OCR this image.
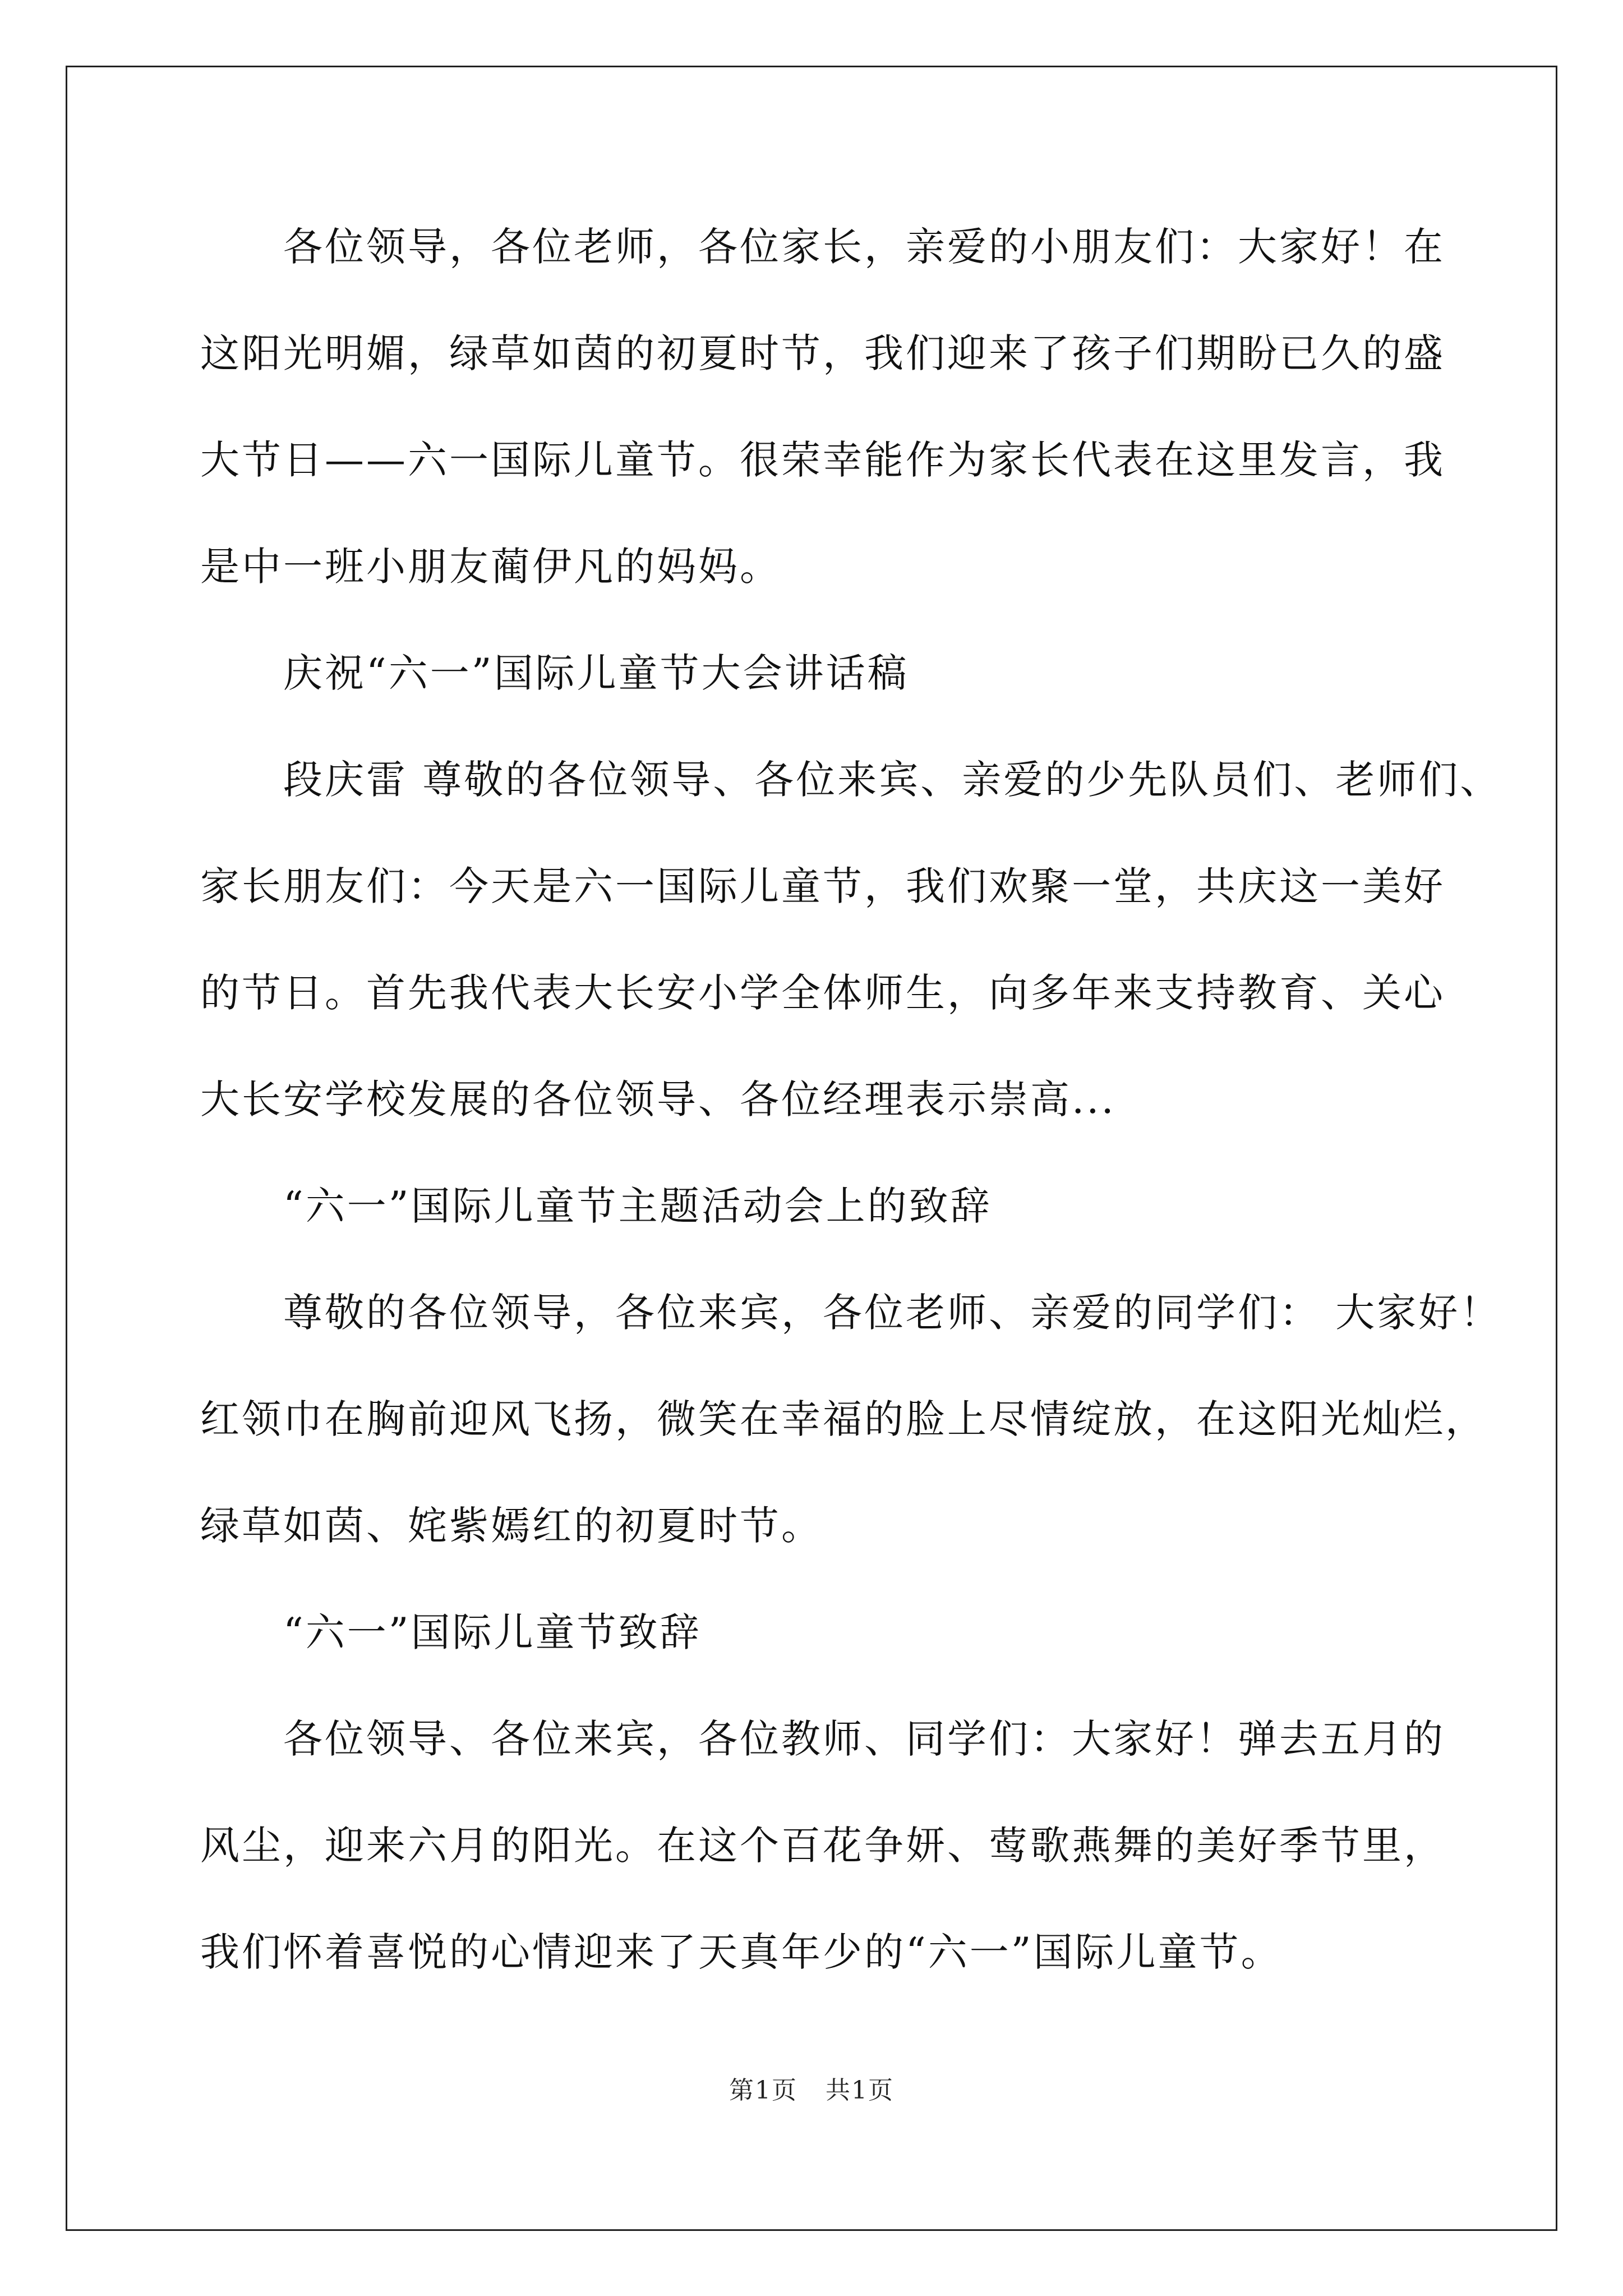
　　各位领导，各位老师，各位家长，亲爱的小朋友们：大家好！在
这阳光明媚，绿草如茵的初夏时节，我们迎来了孩子们期盼已久的盛
大节日——六一国际儿童节。很荣幸能作为家长代表在这里发言，我
是中一班小朋友蔺伊凡的妈妈。
　　庆祝“六一”国际儿童节大会讲话稿
　　段庆雷 尊敬的各位领导、各位来宾、亲爱的少先队员们、老师们、
家长朋友们：今天是六一国际儿童节，我们欢聚一堂，共庆这一美好
的节日。首先我代表大长安小学全体师生，向多年来支持教育、关心
大长安学校发展的各位领导、各位经理表示崇高...
　　“六一”国际儿童节主题活动会上的致辞
　　尊敬的各位领导，各位来宾，各位老师、亲爱的同学们： 大家好！
红领巾在胸前迎风飞扬，微笑在幸福的脸上尽情绽放，在这阳光灿烂，
绿草如茵、姹紫嫣红的初夏时节。
　　“六一”国际儿童节致辞
　　各位领导、各位来宾，各位教师、同学们：大家好！弹去五月的
风尘，迎来六月的阳光。在这个百花争妍、莺歌燕舞的美好季节里，
我们怀着喜悦的心情迎来了天真年少的“六一”国际儿童节。
第1页 共1页
